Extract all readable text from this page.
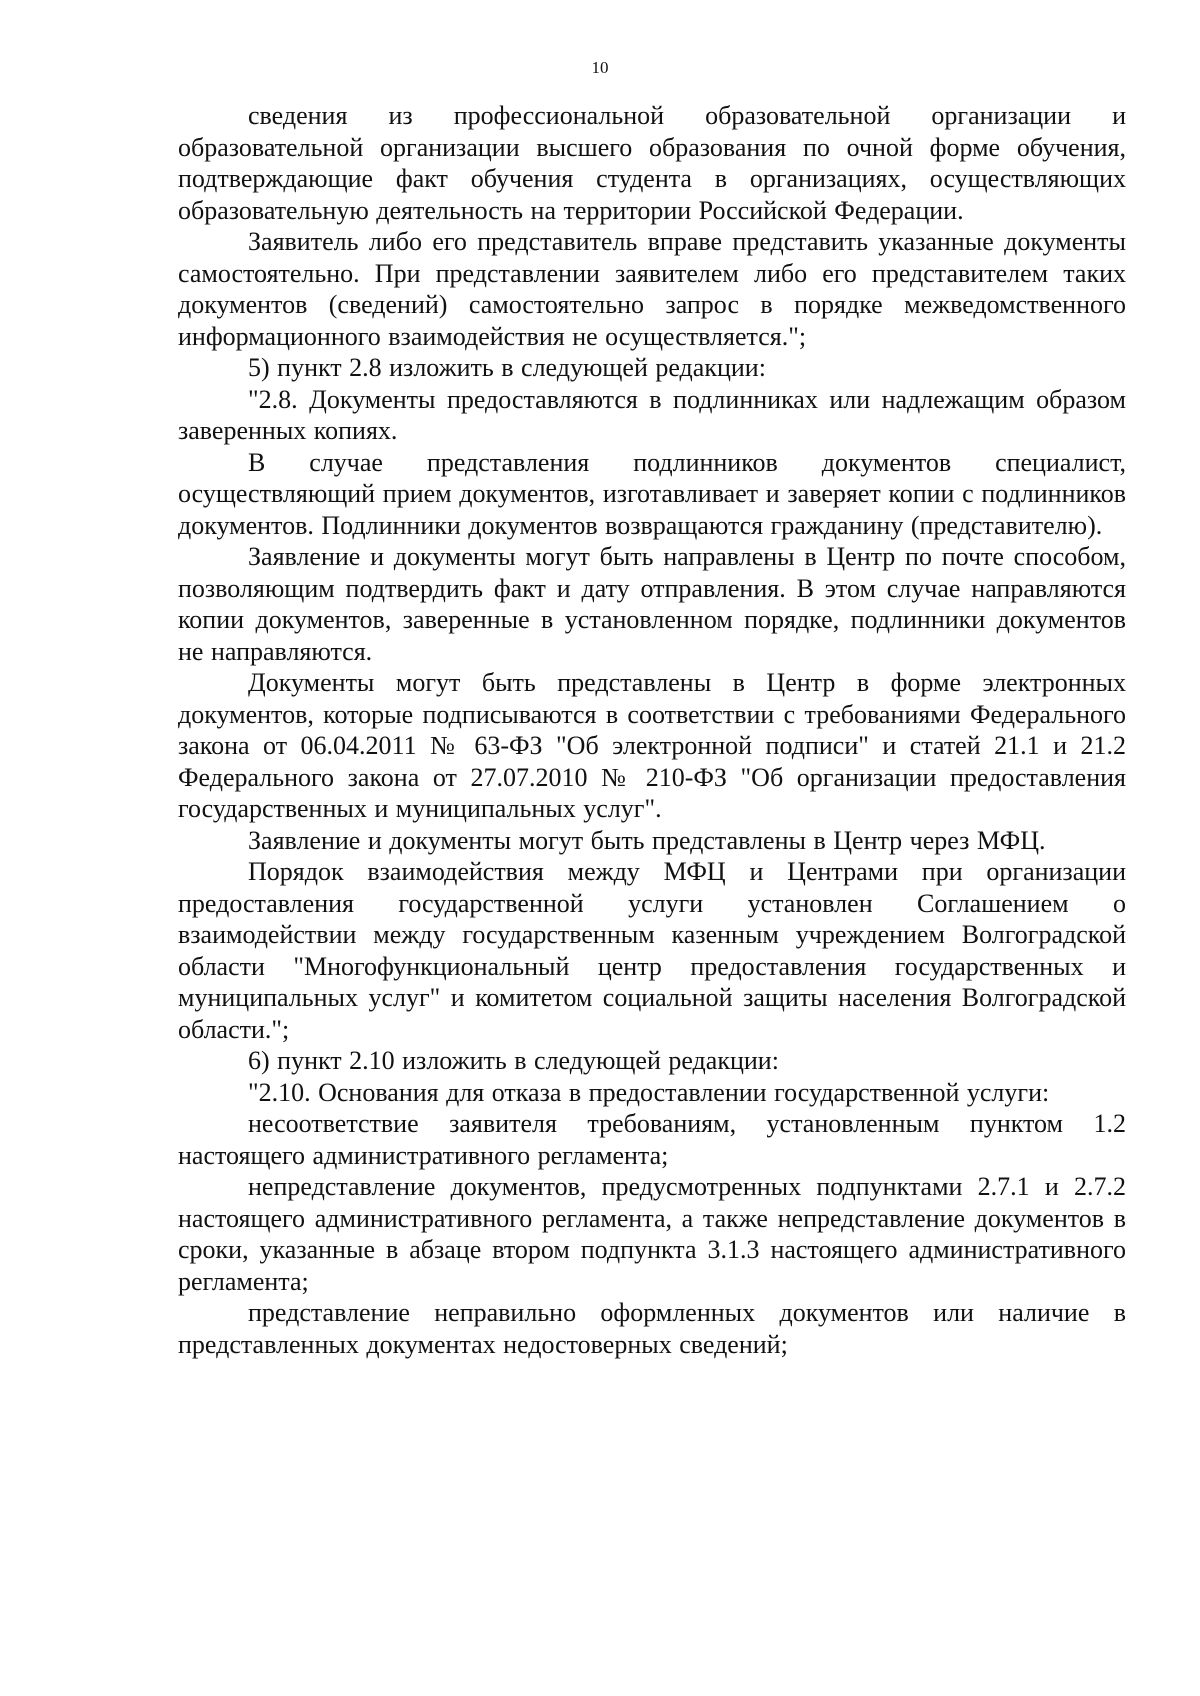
10

сведения из профессиональной образовательной организации и образовательной организации высшего образования по очной форме обучения, подтверждающие факт обучения студента в организациях, осуществляющих образовательную деятельность на территории Российской Федерации.

Заявитель либо его представитель вправе представить указанные документы самостоятельно. При представлении заявителем либо его представителем таких документов (сведений) самостоятельно запрос в порядке межведомственного информационного взаимодействия не осуществляется.";

5) пункт 2.8 изложить в следующей редакции:

"2.8. Документы предоставляются в подлинниках или надлежащим образом заверенных копиях.

В случае представления подлинников документов специалист, осуществляющий прием документов, изготавливает и заверяет копии с подлинников документов. Подлинники документов возвращаются гражданину (представителю).

Заявление и документы могут быть направлены в Центр по почте способом, позволяющим подтвердить факт и дату отправления. В этом случае направляются копии документов, заверенные в установленном порядке, подлинники документов не направляются.

Документы могут быть представлены в Центр в форме электронных документов, которые подписываются в соответствии с требованиями Федерального закона от 06.04.2011 № 63-ФЗ "Об электронной подписи" и статей 21.1 и 21.2 Федерального закона от 27.07.2010 № 210-ФЗ "Об организации предоставления государственных и муниципальных услуг".

Заявление и документы могут быть представлены в Центр через МФЦ.

Порядок взаимодействия между МФЦ и Центрами при организации предоставления государственной услуги установлен Соглашением о взаимодействии между государственным казенным учреждением Волгоградской области "Многофункциональный центр предоставления государственных и муниципальных услуг" и комитетом социальной защиты населения Волгоградской области.";

6) пункт 2.10 изложить в следующей редакции:

"2.10. Основания для отказа в предоставлении государственной услуги:

несоответствие заявителя требованиям, установленным пунктом 1.2 настоящего административного регламента;

непредставление документов, предусмотренных подпунктами 2.7.1 и 2.7.2 настоящего административного регламента, а также непредставление документов в сроки, указанные в абзаце втором подпункта 3.1.3 настоящего административного регламента;

представление неправильно оформленных документов или наличие в представленных документах недостоверных сведений;
